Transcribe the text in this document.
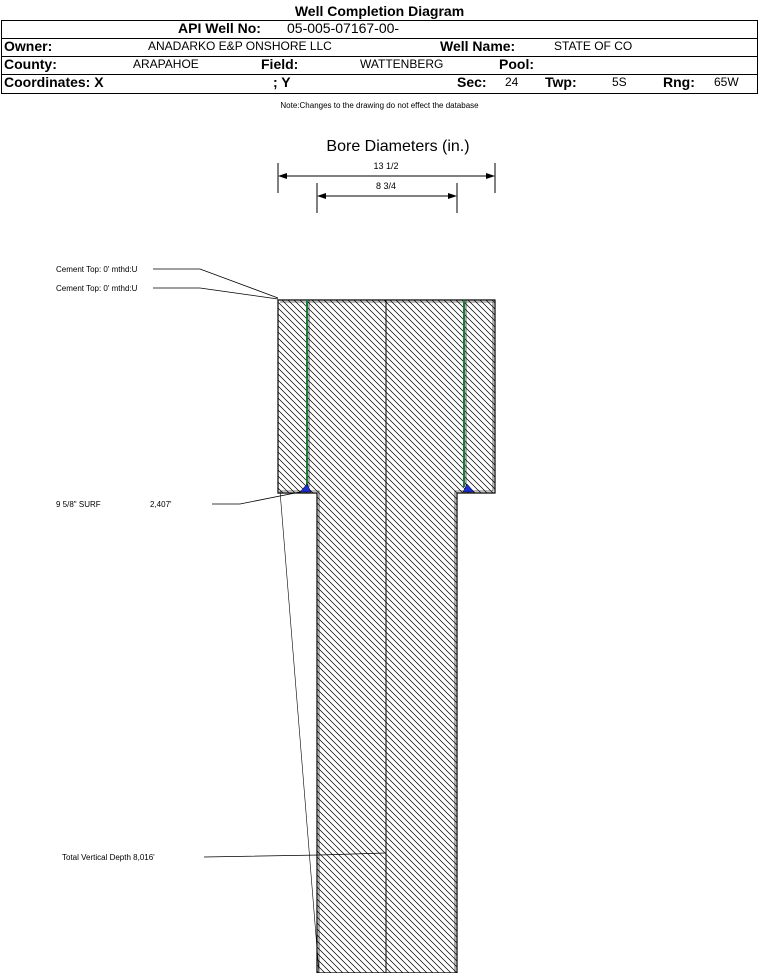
Well Completion Diagram
API Well No: 05-005-07167-00-
Owner:	ANADARKO E&P ONSHORE LLC	Well Name:	STATE OF CO
County:	ARAPAHOE	Field:	WATTENBERG	Pool:
Coordinates: X	; Y	Sec: 24 Twp:	5S	Rng: 65W
Note:Changes to the drawing do not effect the database
Bore Diameters (in.)
13 1/2
8 3/4
Cement Top: 0' mthd:U
Cement Top: 0' mthd:U
9 5/8" SURF	2,407'
Total Vertical Depth 8,016'
